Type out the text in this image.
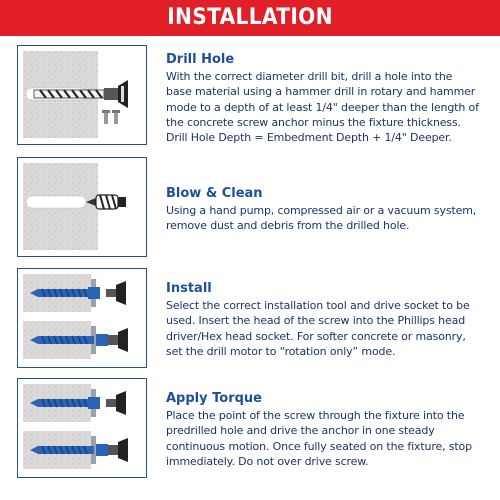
INSTALLATION
Drill Hole

With the correct diameter drill bit, drill a hole into the

base material using a hammer drill in rotary and hammer

mode to a depth of at least 1/4" deeper than the length of

the concrete screw anchor minus the fixture thickness.

Drill Hole Depth = Embedment Depth + 1/4" Deeper.

Blow & Clean

Using a hand pump, compressed air or a vacuum system,

remove dust and debris from the drilled hole.

Install

Select the correct installation tool and drive socket to be

used. Insert the head of the screw into the Phillips head

driver/Hex head socket. For softer concrete or masonry,

set the drill motor to “rotation only” mode.

Apply Torque

Place the point of the screw through the fixture into the

predrilled hole and drive the anchor in one steady

continuous motion. Once fully seated on the fixture, stop

immediately. Do not over drive screw.
